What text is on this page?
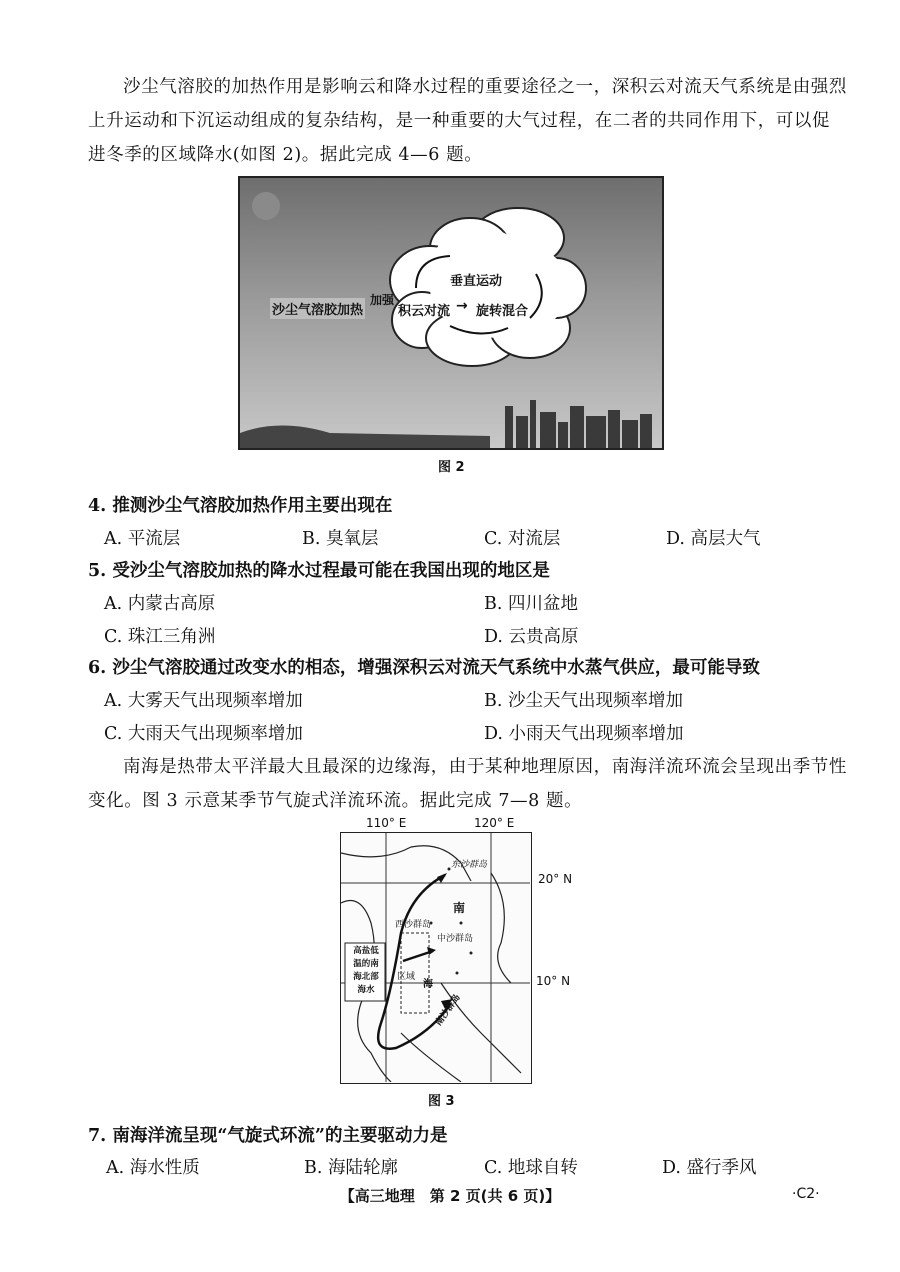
沙尘气溶胶的加热作用是影响云和降水过程的重要途径之一，深积云对流天气系统是由强烈上升运动和下沉运动组成的复杂结构，是一种重要的大气过程，在二者的共同作用下，可以促进冬季的区域降水(如图 2)。据此完成 4—6 题。

沙尘气溶胶加热
加强
积云对流 → 旋转混合
垂直运动
图 2

4. 推测沙尘气溶胶加热作用主要出现在

A. 平流层	B. 臭氧层	C. 对流层	D. 高层大气

5. 受沙尘气溶胶加热的降水过程最可能在我国出现的地区是

A. 内蒙古高原	B. 四川盆地

C. 珠江三角洲	D. 云贵高原

6. 沙尘气溶胶通过改变水的相态，增强深积云对流天气系统中水蒸气供应，最可能导致

A. 大雾天气出现频率增加	B. 沙尘天气出现频率增加

C. 大雨天气出现频率增加	D. 小雨天气出现频率增加

南海是热带太平洋最大且最深的边缘海，由于某种地理原因，南海洋流环流会呈现出季节性变化。图 3 示意某季节气旋式洋流环流。据此完成 7—8 题。

110° E	120° E
东沙群岛
南
西沙群岛
中沙群岛
区域
海
南沙群岛
高盐低
温的南
海北部
海水
20° N
10° N
图 3

7. 南海洋流呈现“气旋式环流”的主要驱动力是

A. 海水性质	B. 海陆轮廓	C. 地球自转	D. 盛行季风

【高三地理　第 2 页(共 6 页)】	·C2·
